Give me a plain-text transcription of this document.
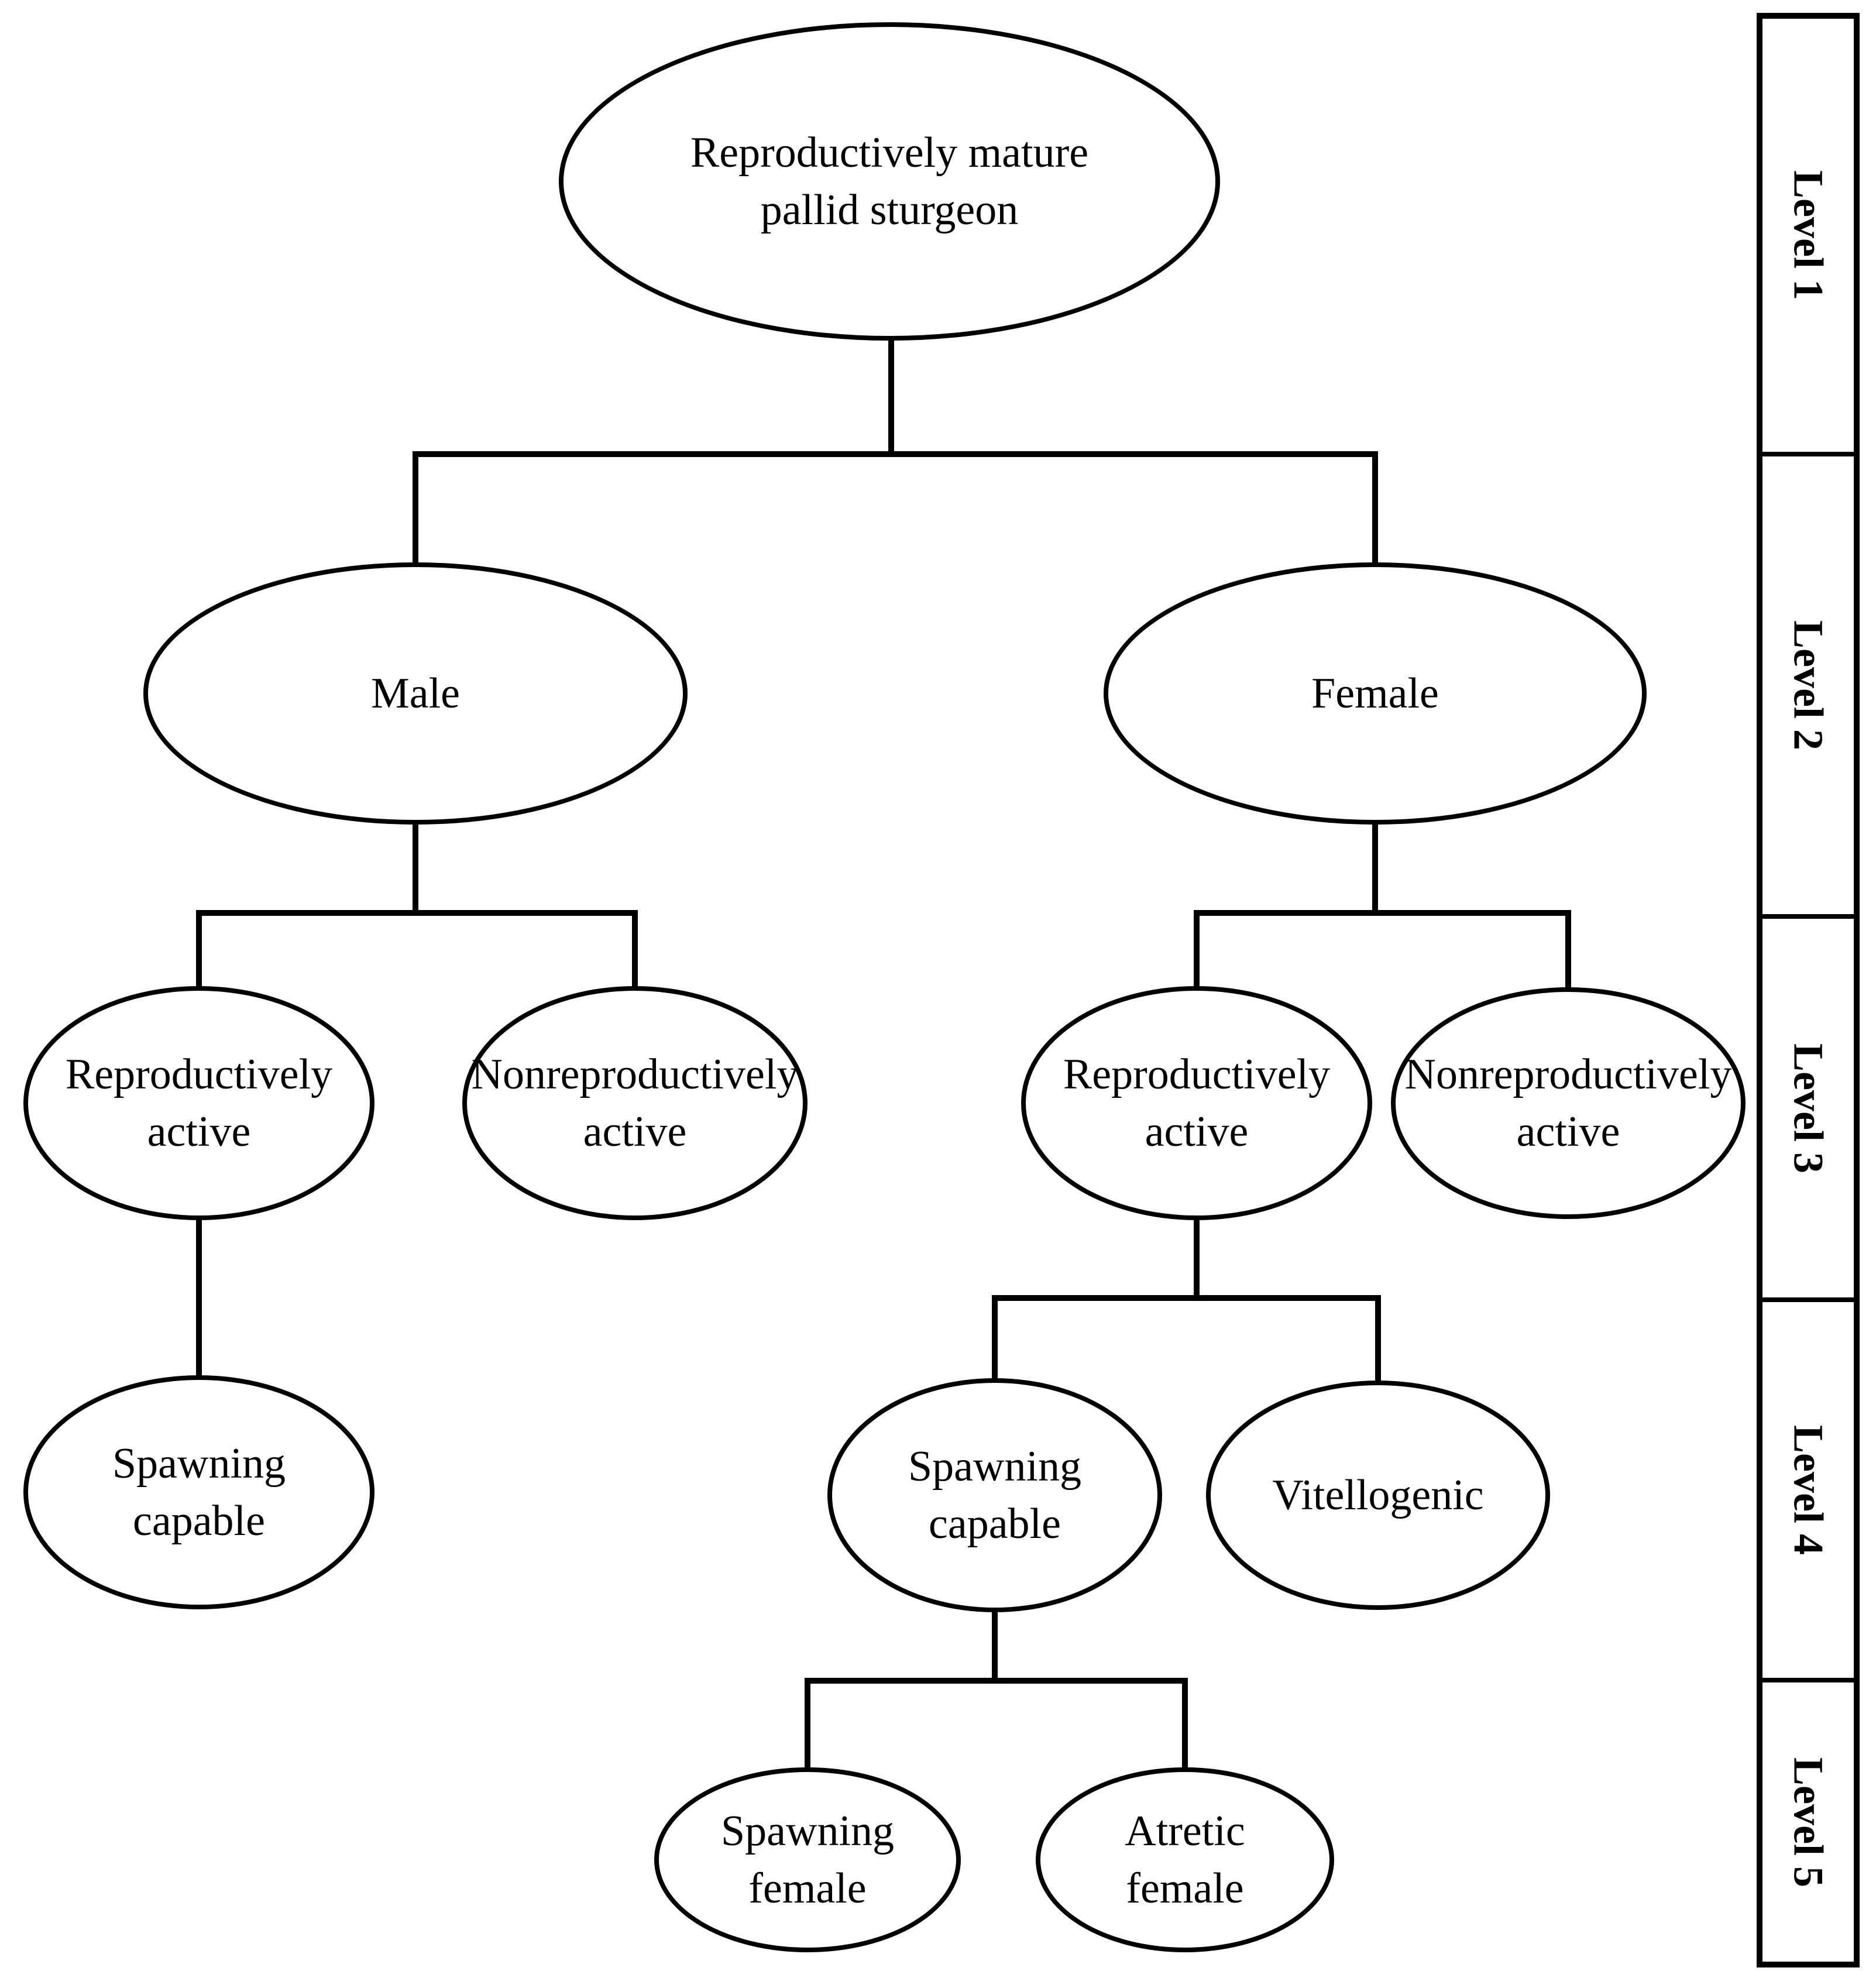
Reproductively mature
pallid sturgeon
Male	Female
Reproductively
active
Nonreproductively
active
Reproductively
active
Nonreproductively
active
Spawning
capable
Spawning
capable
Vitellogenic
Spawning
female
Atretic
female
Level 1
Level 2
Level 3
Level 4
Level 5
